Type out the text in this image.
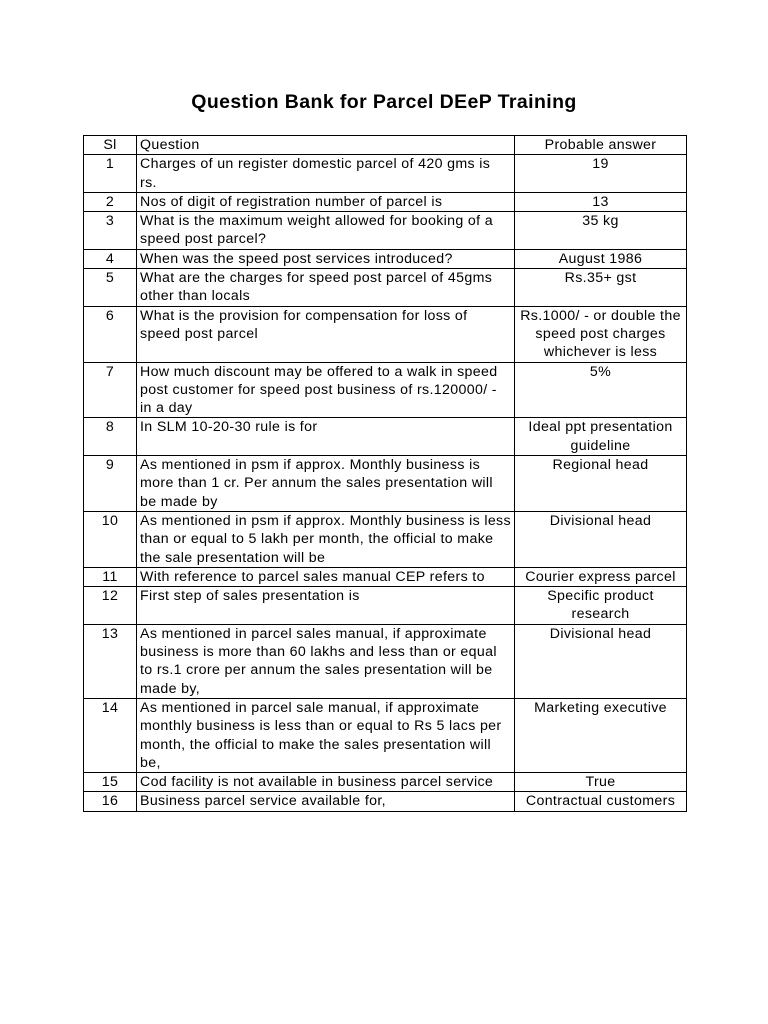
Question Bank for Parcel DEeP Training
Sl	Question	Probable answer
1	Charges of un register domestic parcel of 420 gms is rs.	19
2	Nos of digit of registration number of parcel is	13
3	What is the maximum weight allowed for booking of a speed post parcel?	35 kg
4	When was the speed post services introduced?	August 1986
5	What are the charges for speed post parcel of 45gms other than locals	Rs.35+ gst
6	What is the provision for compensation for loss of speed post parcel	Rs.1000/ - or double the speed post charges whichever is less
7	How much discount may be offered to a walk in speed post customer for speed post business of rs.120000/ - in a day	5%
8	In SLM 10-20-30 rule is for	Ideal ppt presentation guideline
9	As mentioned in psm if approx. Monthly business is more than 1 cr. Per annum the sales presentation will be made by	Regional head
10	As mentioned in psm if approx. Monthly business is less than or equal to 5 lakh per month, the official to make the sale presentation will be	Divisional head
11	With reference to parcel sales manual CEP refers to	Courier express parcel
12	First step of sales presentation is	Specific product research
13	As mentioned in parcel sales manual, if approximate business is more than 60 lakhs and less than or equal to rs.1 crore per annum the sales presentation will be made by,	Divisional head
14	As mentioned in parcel sale manual, if approximate monthly business is less than or equal to Rs 5 lacs per month, the official to make the sales presentation will be,	Marketing executive
15	Cod facility is not available in business parcel service	True
16	Business parcel service available for,	Contractual customers
